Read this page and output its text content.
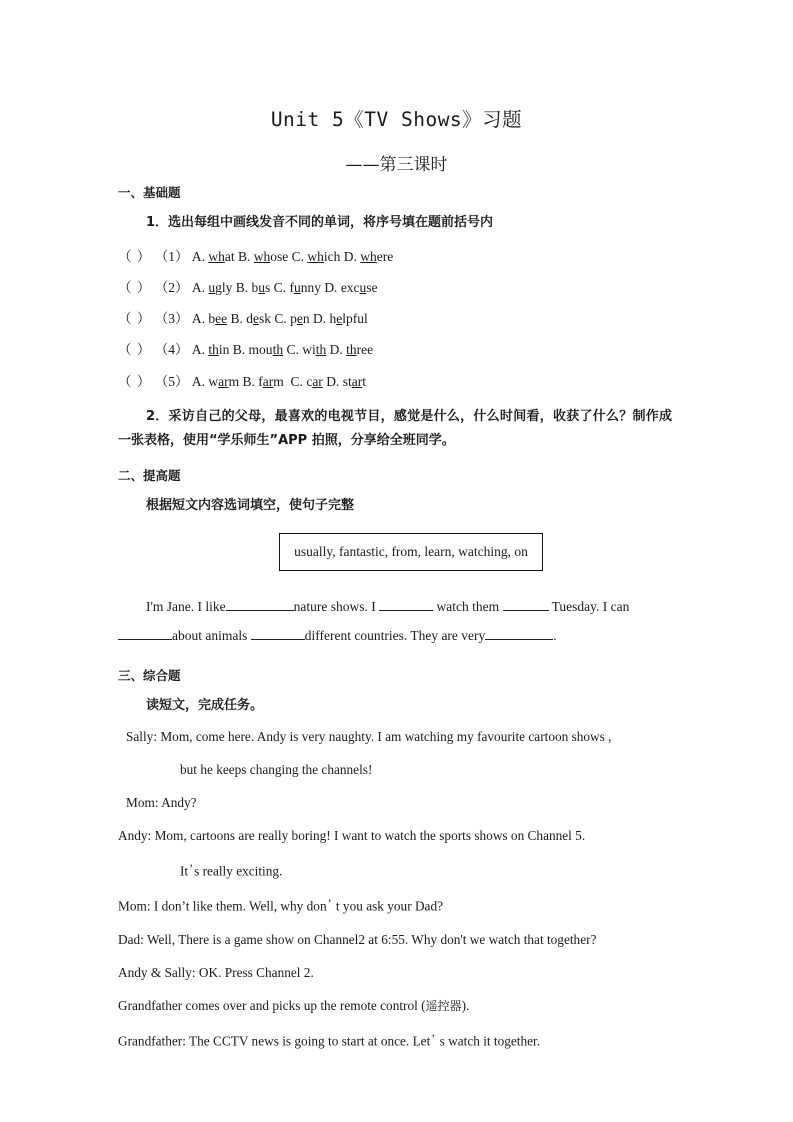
Unit 5《TV Shows》习题
——第三课时
一、基础题
1．选出每组中画线发音不同的单词，将序号填在题前括号内
（ ） （1） A. what B. whose C. which D. where
（ ） （2） A. ugly B. bus C. funny D. excuse
（ ） （3） A. bee B. desk C. pen D. helpful
（ ） （4） A. thin B. mouth C. with D. three
（ ） （5） A. warm B. farm C. car D. start
2．采访自己的父母，最喜欢的电视节目，感觉是什么，什么时间看，收获了什么？制作成一张表格，使用“学乐师生”APP 拍照，分享给全班同学。
二、提高题
根据短文内容选词填空，使句子完整
usually, fantastic, from, learn, watching, on
I'm Jane. I like	nature shows. I	watch them	Tuesday. I can about animals	different countries. They are very	.
三、综合题
读短文，完成任务。
Sally: Mom, come here. Andy is very naughty. I am watching my favourite cartoon shows ,
but he keeps changing the channels!
Mom: Andy?
Andy: Mom, cartoons are really boring! I want to watch the sports shows on Channel 5.
It’s really exciting.
Mom: I don’t like them. Well, why don’ t you ask your Dad?
Dad: Well, There is a game show on Channel2 at 6:55. Why don't we watch that together?
Andy & Sally: OK. Press Channel 2.
Grandfather comes over and picks up the remote control (遥控器).
Grandfather: The CCTV news is going to start at once. Let’ s watch it together.
